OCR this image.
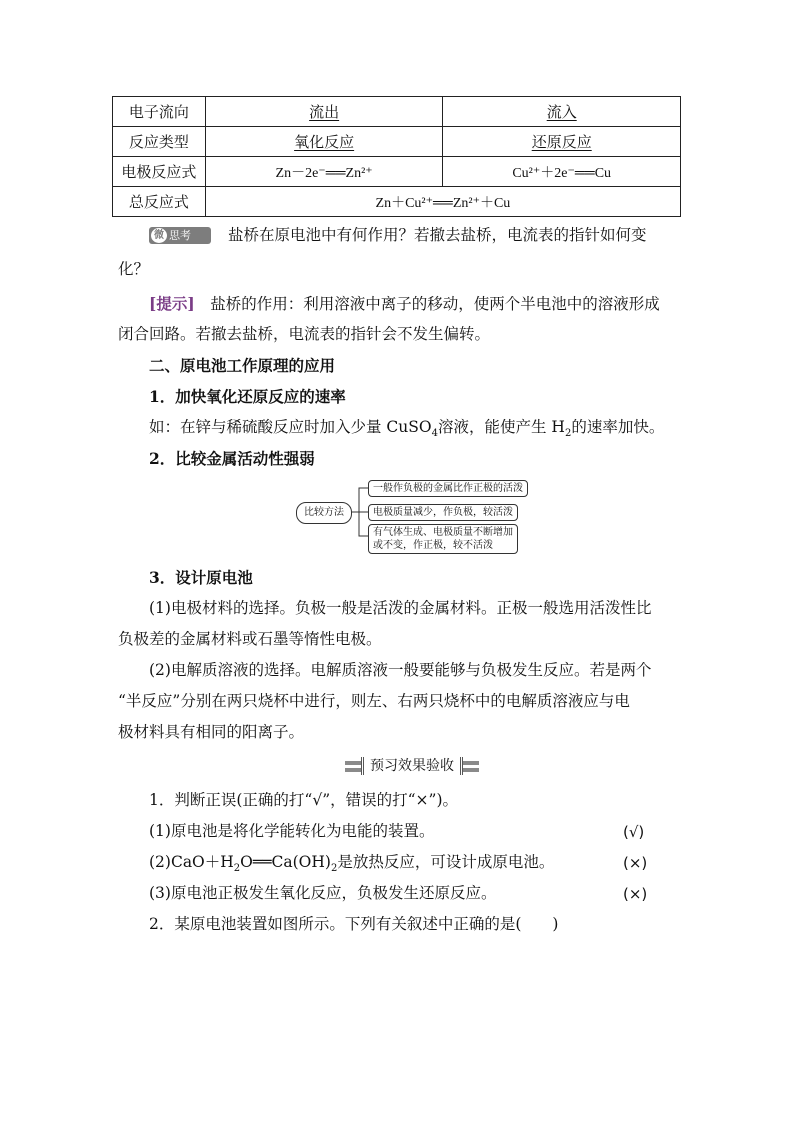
电子流向	流出	流入
反应类型	氧化反应	还原反应
电极反应式	Zn－2e⁻══Zn²⁺	Cu²⁺＋2e⁻══Cu
总反应式	Zn＋Cu²⁺══Zn²⁺＋Cu	
微 思考	盐桥在原电池中有何作用？若撤去盐桥，电流表的指针如何变
化？
[提示]　 盐桥的作用：利用溶液中离子的移动，使两个半电池中的溶液形成
闭合回路。若撤去盐桥，电流表的指针会不发生偏转。
二、原电池工作原理的应用
1．加快氧化还原反应的速率
如：在锌与稀硫酸反应时加入少量 CuSO$_4$溶液，能使产生 $H_2$的速率加快。
2．比较金属活动性强弱
比较方法
一般作负极的金属比作正极的活泼
电极质量减少，作负极，较活泼
有气体生成、电极质量不断增加
或不变，作正极，较不活泼
3．设计原电池
(1)电极材料的选择。负极一般是活泼的金属材料。正极一般选用活泼性比
负极差的金属材料或石墨等惰性电极。
(2)电解质溶液的选择。电解质溶液一般要能够与负极发生反应。若是两个
“半反应”分别在两只烧杯中进行，则左、右两只烧杯中的电解质溶液应与电
极材料具有相同的阳离子。
预习效果验收
1．判断正误(正确的打“√”，错误的打“×”)。
(1)原电池是将化学能转化为电能的装置。	(√)
$(2)CaO+H_2O══Ca(OH)_2$是放热反应，可设计成原电池。	(×)
(3)原电池正极发生氧化反应，负极发生还原反应。	(×)
2．某原电池装置如图所示。下列有关叙述中正确的是(　　)
